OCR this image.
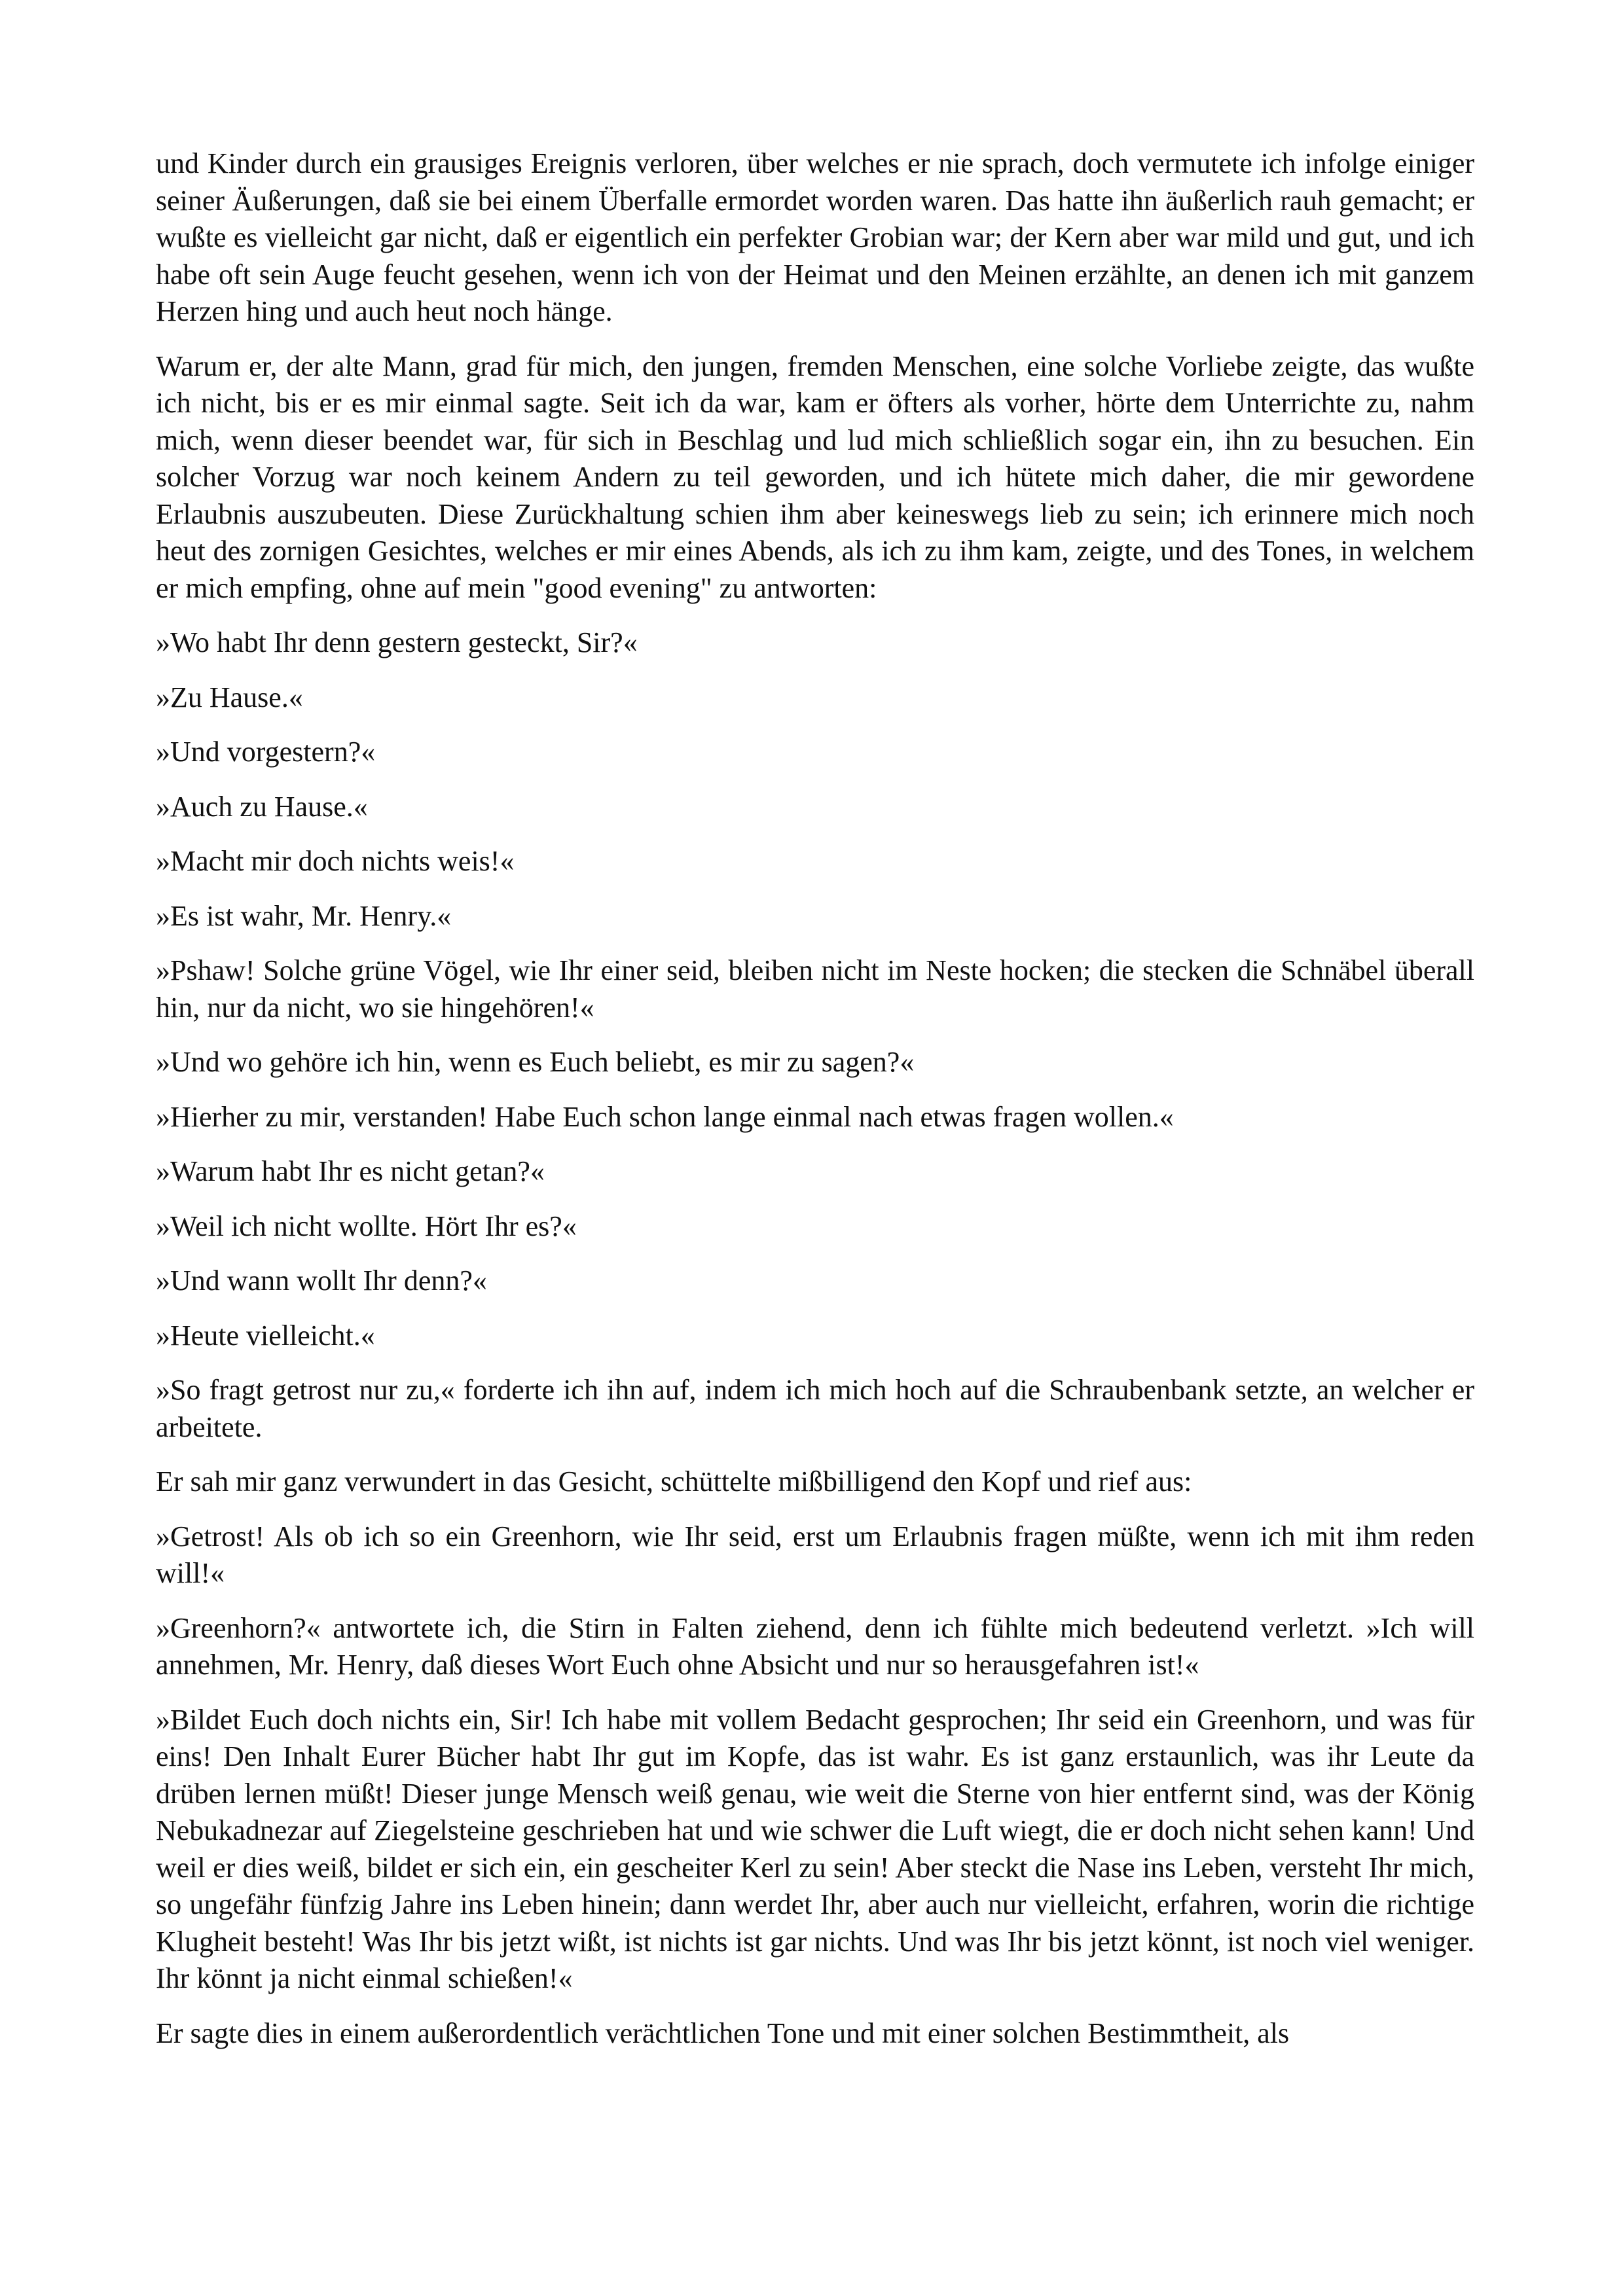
und Kinder durch ein grausiges Ereignis verloren, über welches er nie sprach, doch vermutete ich infolge einiger seiner Äußerungen, daß sie bei einem Überfalle ermordet worden waren. Das hatte ihn äußerlich rauh gemacht; er wußte es vielleicht gar nicht, daß er eigentlich ein perfekter Grobian war; der Kern aber war mild und gut, und ich habe oft sein Auge feucht gesehen, wenn ich von der Heimat und den Meinen erzählte, an denen ich mit ganzem Herzen hing und auch heut noch hänge.

Warum er, der alte Mann, grad für mich, den jungen, fremden Menschen, eine solche Vorliebe zeigte, das wußte ich nicht, bis er es mir einmal sagte. Seit ich da war, kam er öfters als vorher, hörte dem Unterrichte zu, nahm mich, wenn dieser beendet war, für sich in Beschlag und lud mich schließlich sogar ein, ihn zu besuchen. Ein solcher Vorzug war noch keinem Andern zu teil geworden, und ich hütete mich daher, die mir gewordene Erlaubnis auszubeuten. Diese Zurückhaltung schien ihm aber keineswegs lieb zu sein; ich erinnere mich noch heut des zornigen Gesichtes, welches er mir eines Abends, als ich zu ihm kam, zeigte, und des Tones, in welchem er mich empfing, ohne auf mein "good evening" zu antworten:

»Wo habt Ihr denn gestern gesteckt, Sir?«

»Zu Hause.«

»Und vorgestern?«

»Auch zu Hause.«

»Macht mir doch nichts weis!«

»Es ist wahr, Mr. Henry.«

»Pshaw! Solche grüne Vögel, wie Ihr einer seid, bleiben nicht im Neste hocken; die stecken die Schnäbel überall hin, nur da nicht, wo sie hingehören!«

»Und wo gehöre ich hin, wenn es Euch beliebt, es mir zu sagen?«

»Hierher zu mir, verstanden! Habe Euch schon lange einmal nach etwas fragen wollen.«

»Warum habt Ihr es nicht getan?«

»Weil ich nicht wollte. Hört Ihr es?«

»Und wann wollt Ihr denn?«

»Heute vielleicht.«

»So fragt getrost nur zu,« forderte ich ihn auf, indem ich mich hoch auf die Schraubenbank setzte, an welcher er arbeitete.

Er sah mir ganz verwundert in das Gesicht, schüttelte mißbilligend den Kopf und rief aus:

»Getrost! Als ob ich so ein Greenhorn, wie Ihr seid, erst um Erlaubnis fragen müßte, wenn ich mit ihm reden will!«

»Greenhorn?« antwortete ich, die Stirn in Falten ziehend, denn ich fühlte mich bedeutend verletzt. »Ich will annehmen, Mr. Henry, daß dieses Wort Euch ohne Absicht und nur so herausgefahren ist!«

»Bildet Euch doch nichts ein, Sir! Ich habe mit vollem Bedacht gesprochen; Ihr seid ein Greenhorn, und was für eins! Den Inhalt Eurer Bücher habt Ihr gut im Kopfe, das ist wahr. Es ist ganz erstaunlich, was ihr Leute da drüben lernen müßt! Dieser junge Mensch weiß genau, wie weit die Sterne von hier entfernt sind, was der König Nebukadnezar auf Ziegelsteine geschrieben hat und wie schwer die Luft wiegt, die er doch nicht sehen kann! Und weil er dies weiß, bildet er sich ein, ein gescheiter Kerl zu sein! Aber steckt die Nase ins Leben, versteht Ihr mich, so ungefähr fünfzig Jahre ins Leben hinein; dann werdet Ihr, aber auch nur vielleicht, erfahren, worin die richtige Klugheit besteht! Was Ihr bis jetzt wißt, ist nichts ist gar nichts. Und was Ihr bis jetzt könnt, ist noch viel weniger. Ihr könnt ja nicht einmal schießen!«

Er sagte dies in einem außerordentlich verächtlichen Tone und mit einer solchen Bestimmtheit, als
